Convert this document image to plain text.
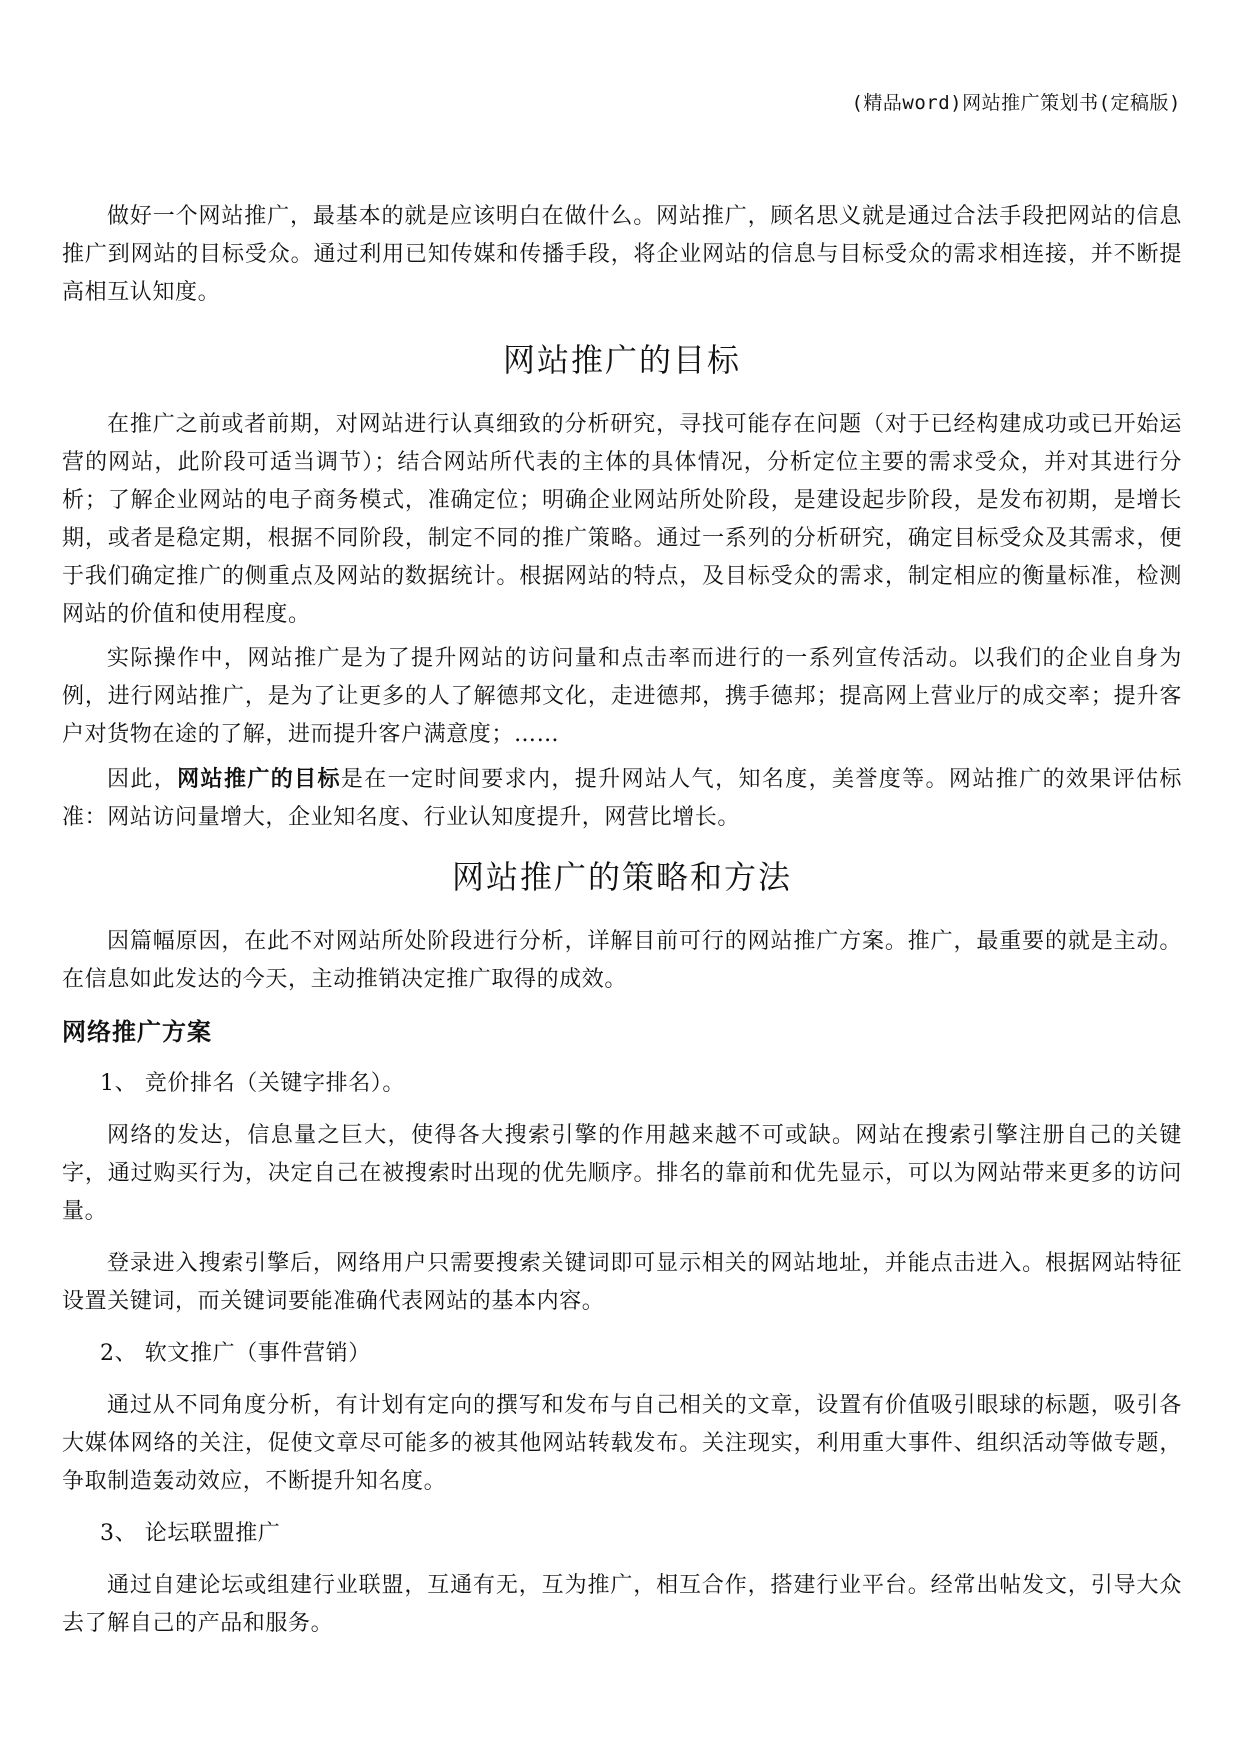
(精品word)网站推广策划书(定稿版)

做好一个网站推广，最基本的就是应该明白在做什么。网站推广，顾名思义就是通过合法手段把网站的信息推广到网站的目标受众。通过利用已知传媒和传播手段，将企业网站的信息与目标受众的需求相连接，并不断提高相互认知度。

网站推广的目标

在推广之前或者前期，对网站进行认真细致的分析研究，寻找可能存在问题（对于已经构建成功或已开始运营的网站，此阶段可适当调节）；结合网站所代表的主体的具体情况，分析定位主要的需求受众，并对其进行分析；了解企业网站的电子商务模式，准确定位；明确企业网站所处阶段，是建设起步阶段，是发布初期，是增长期，或者是稳定期，根据不同阶段，制定不同的推广策略。通过一系列的分析研究，确定目标受众及其需求，便于我们确定推广的侧重点及网站的数据统计。根据网站的特点，及目标受众的需求，制定相应的衡量标准，检测网站的价值和使用程度。

实际操作中，网站推广是为了提升网站的访问量和点击率而进行的一系列宣传活动。以我们的企业自身为例，进行网站推广，是为了让更多的人了解德邦文化，走进德邦，携手德邦；提高网上营业厅的成交率；提升客户对货物在途的了解，进而提升客户满意度；……

因此，网站推广的目标是在一定时间要求内，提升网站人气，知名度，美誉度等。网站推广的效果评估标准：网站访问量增大，企业知名度、行业认知度提升，网营比增长。

网站推广的策略和方法

因篇幅原因，在此不对网站所处阶段进行分析，详解目前可行的网站推广方案。推广，最重要的就是主动。在信息如此发达的今天，主动推销决定推广取得的成效。

网络推广方案

1、 竞价排名（关键字排名）。

网络的发达，信息量之巨大，使得各大搜索引擎的作用越来越不可或缺。网站在搜索引擎注册自己的关键字，通过购买行为，决定自己在被搜索时出现的优先顺序。排名的靠前和优先显示，可以为网站带来更多的访问量。

登录进入搜索引擎后，网络用户只需要搜索关键词即可显示相关的网站地址，并能点击进入。根据网站特征设置关键词，而关键词要能准确代表网站的基本内容。

2、 软文推广（事件营销）

通过从不同角度分析，有计划有定向的撰写和发布与自己相关的文章，设置有价值吸引眼球的标题，吸引各大媒体网络的关注，促使文章尽可能多的被其他网站转载发布。关注现实，利用重大事件、组织活动等做专题，争取制造轰动效应，不断提升知名度。

3、 论坛联盟推广

通过自建论坛或组建行业联盟，互通有无，互为推广，相互合作，搭建行业平台。经常出帖发文，引导大众去了解自己的产品和服务。
